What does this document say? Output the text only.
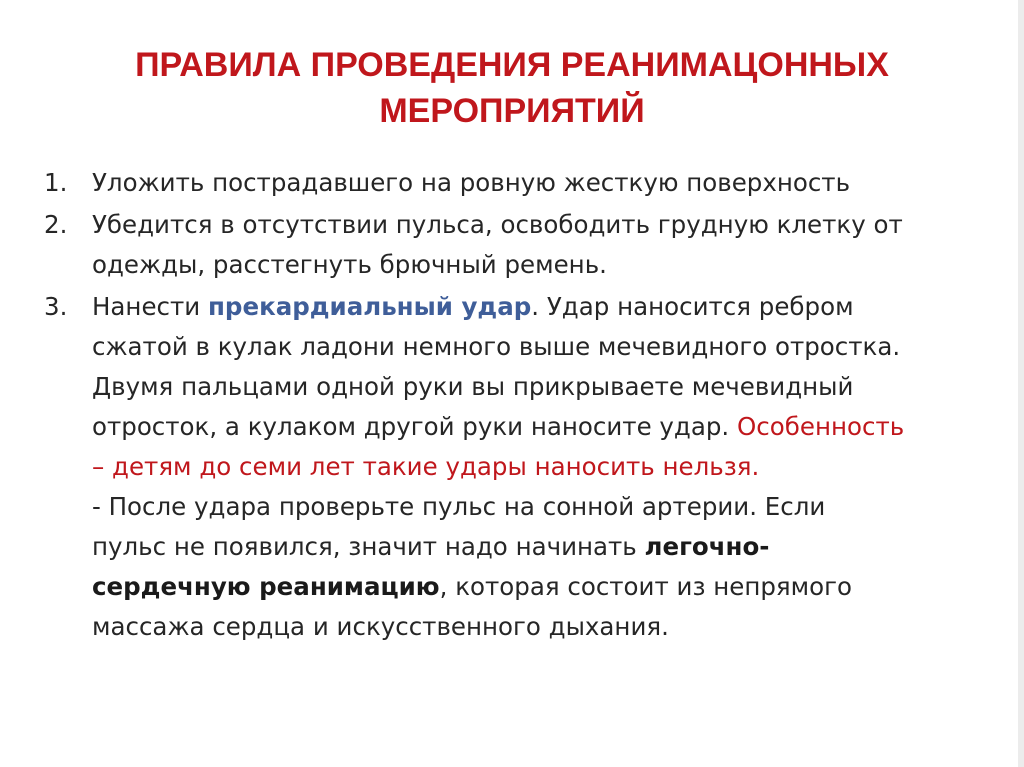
ПРАВИЛА ПРОВЕДЕНИЯ РЕАНИМАЦОННЫХ
МЕРОПРИЯТИЙ
1.	Уложить пострадавшего на ровную жесткую поверхность
2.	Убедится в отсутствии пульса, освободить грудную клетку от
одежды, расстегнуть брючный ремень.
3.	Нанести прекардиальный удар. Удар наносится ребром
сжатой в кулак ладони немного выше мечевидного отростка.
Двумя пальцами одной руки вы прикрываете мечевидный
отросток, а кулаком другой руки наносите удар. Особенность
– детям до семи лет такие удары наносить нельзя.
- После удара проверьте пульс на сонной артерии. Если
пульс не появился, значит надо начинать легочно-
сердечную реанимацию, которая состоит из непрямого
массажа сердца и искусственного дыхания.
